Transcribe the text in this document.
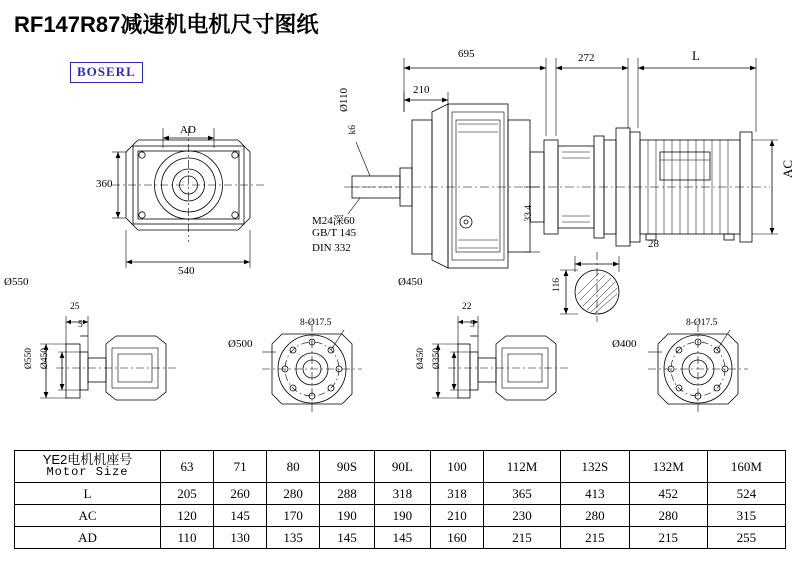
RF147R87减速机电机尺寸图纸
BOSERL
AD
360
540
695	272	L
210
Ø110
k6
AC
33.4
28
116
M24深60
GB/T 145
DIN 332
Ø550	Ø450
Ø500	Ø400
Ø550 Ø450	Ø450 Ø350
8-Ø17.5	8-Ø17.5
25
5
22
5
YE2电机机座号
Motor Size	63	71	80	90S	90L	100	112M	132S	132M	160M
L	205	260	280	288	318	318	365	413	452	524
AC	120	145	170	190	190	210	230	280	280	315
AD	110	130	135	145	145	160	215	215	215	255
